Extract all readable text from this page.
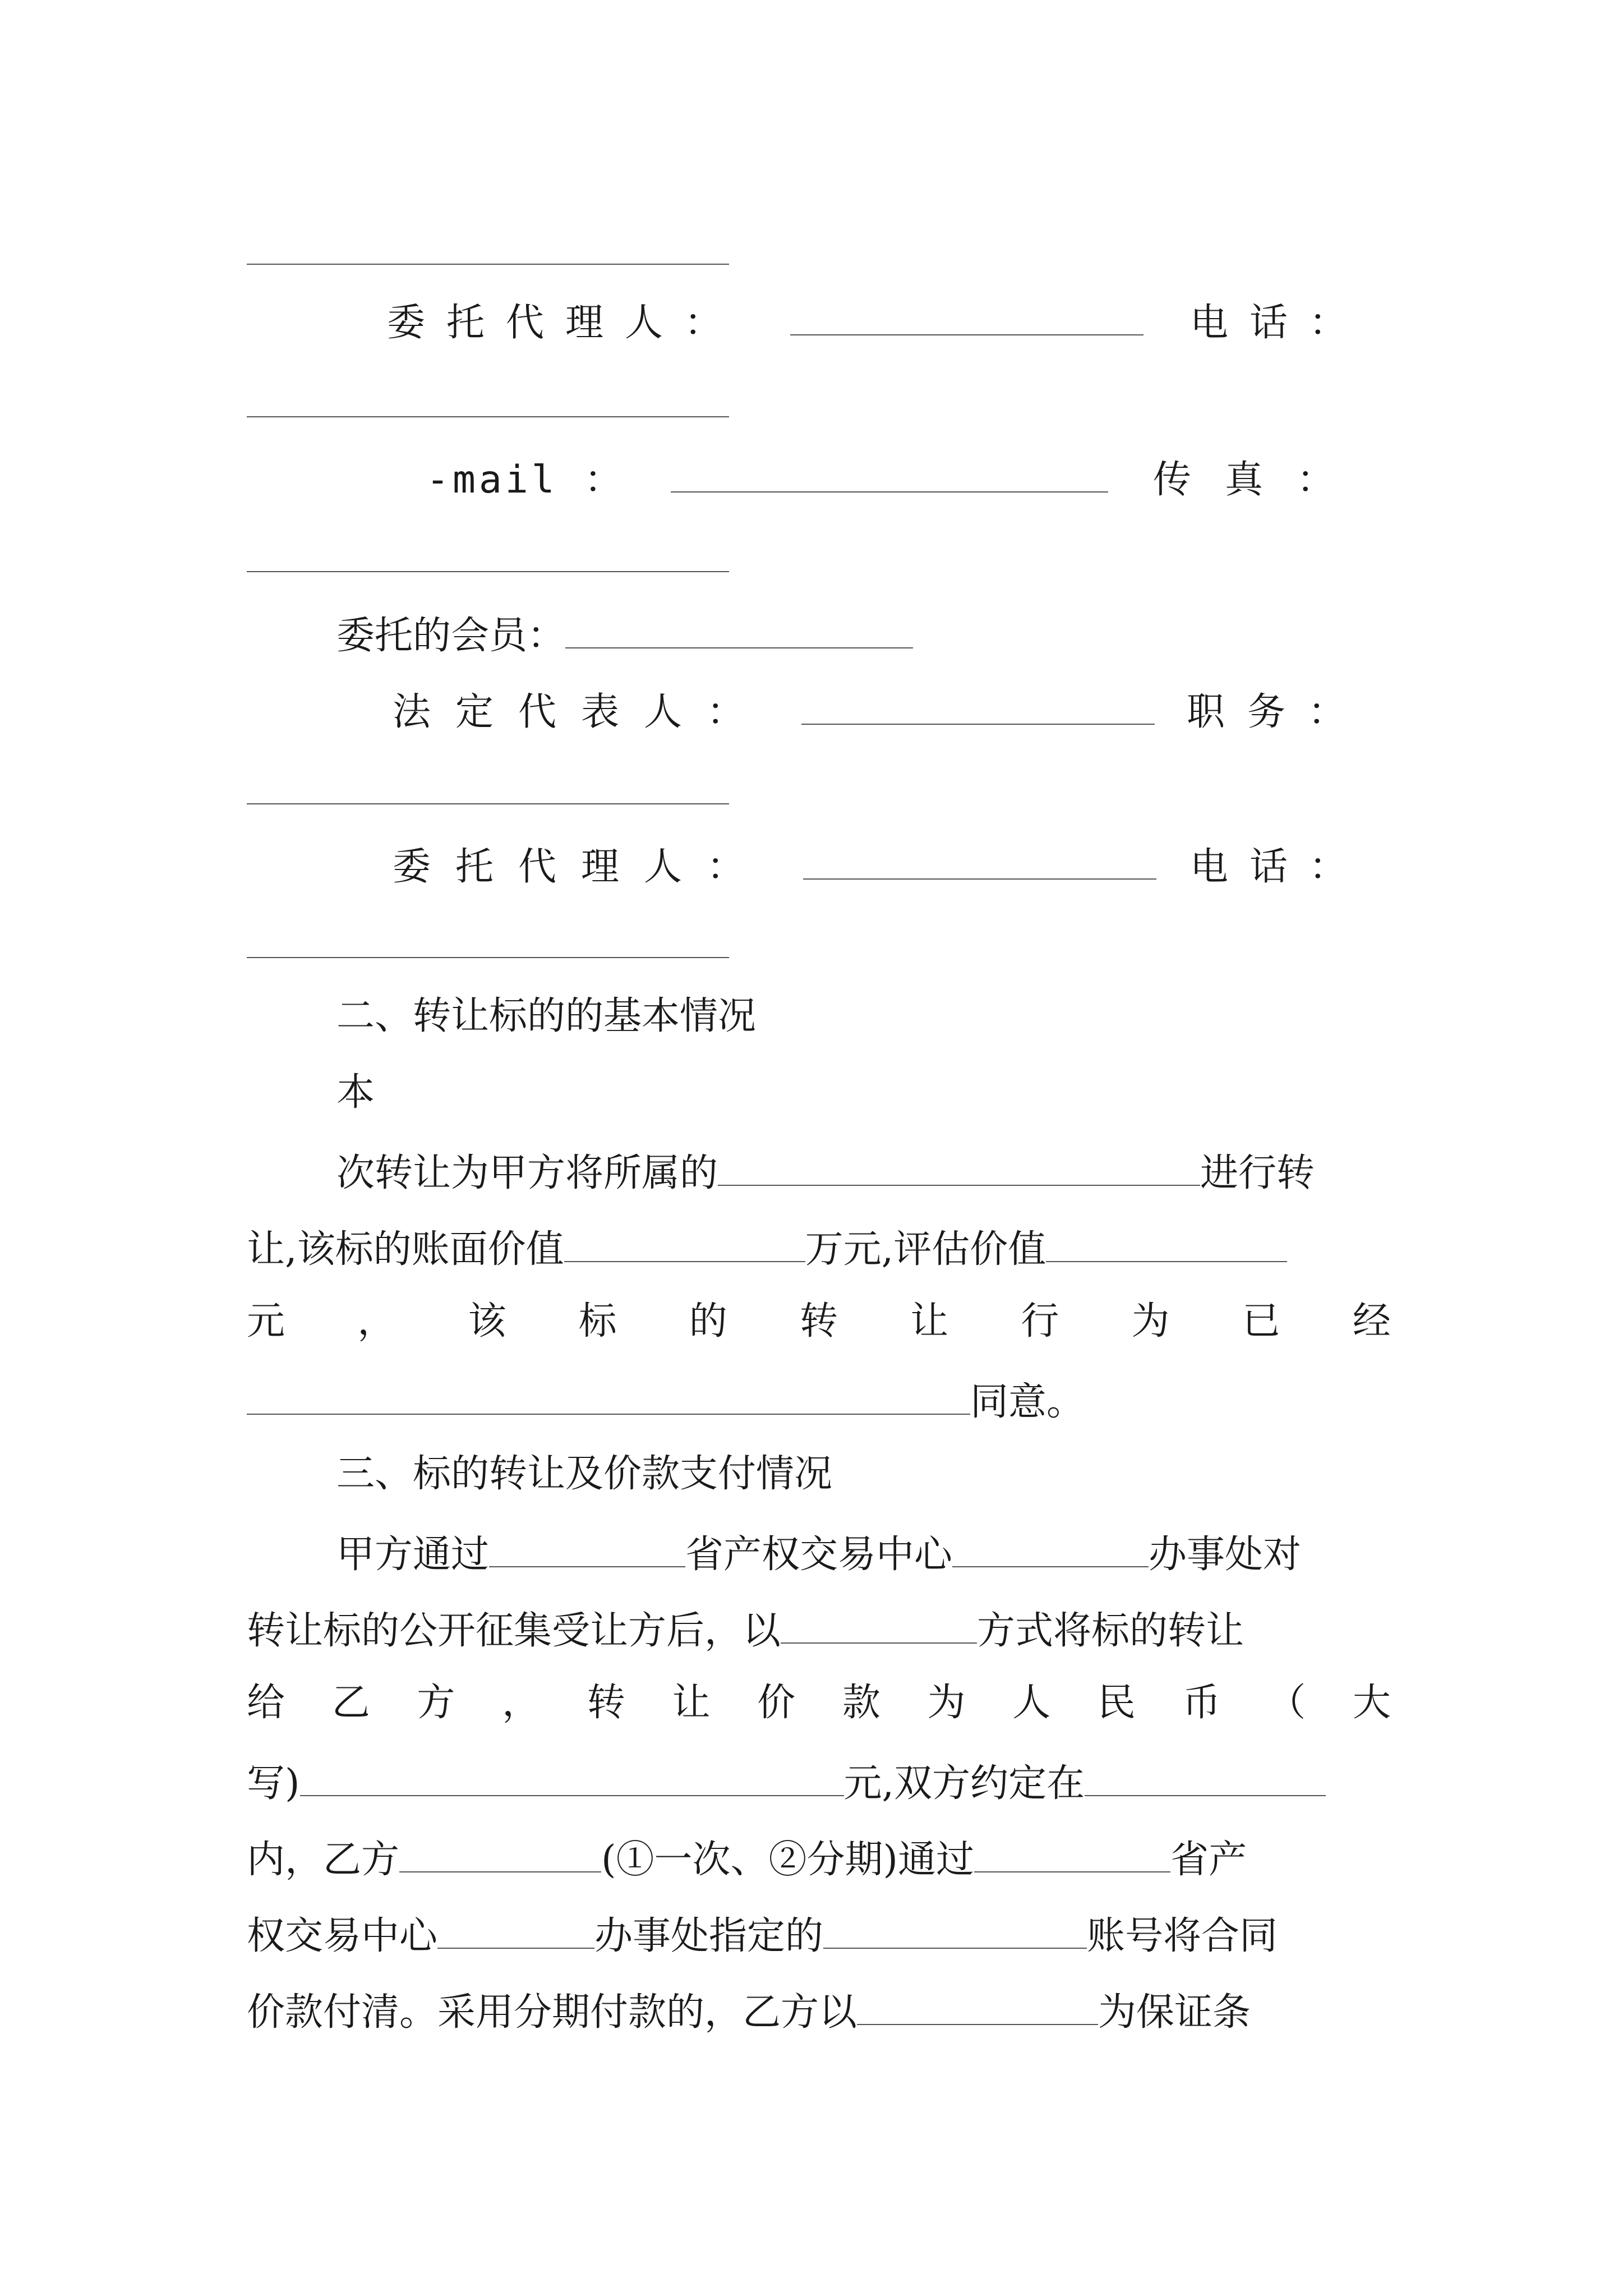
委托代理人：	电话：
-mail ：	传真：
委托的会员：
法定代表人：	职务：
委托代理人：	电话：
二、转让标的的基本情况
本
次转让为甲方将所属的	进行转
让,该标的账面价值	万元,评估价值
元 ， 该 标 的 转 让 行 为 已 经
同意。
三、标的转让及价款支付情况
甲方通过	省产权交易中心	办事处对
转让标的公开征集受让方后，以	方式将标的转让
给 乙 方 ， 转 让 价 款 为 人 民 币 （ 大
写)	元,双方约定在
内，乙方	(①一次、②分期)通过	省产
权交易中心	办事处指定的	账号将合同
价款付清。采用分期付款的，乙方以	为保证条
